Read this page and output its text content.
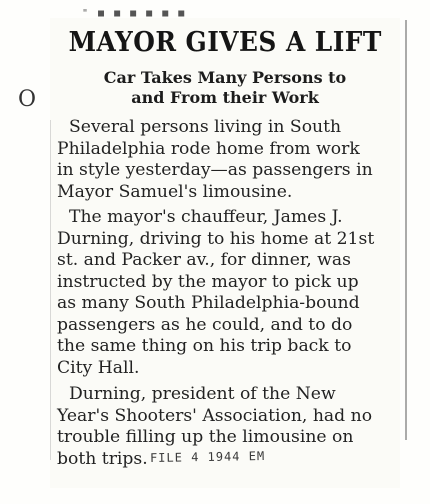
" ■ ■ ■ ■ ■ ■
MAYOR GIVES A LIFT
Car Takes Many Persons to
and From their Work
O

Several persons living in South
Philadelphia rode home from work
in style yesterday—as passengers in
Mayor Samuel's limousine.

The mayor's chauffeur, James J.
Durning, driving to his home at 21st
st. and Packer av., for dinner, was
instructed by the mayor to pick up
as many South Philadelphia-bound
passengers as he could, and to do
the same thing on his trip back to
City Hall.

Durning, president of the New
Year's Shooters' Association, had no
trouble filling up the limousine on
both trips. FILE 4 1944 EM
